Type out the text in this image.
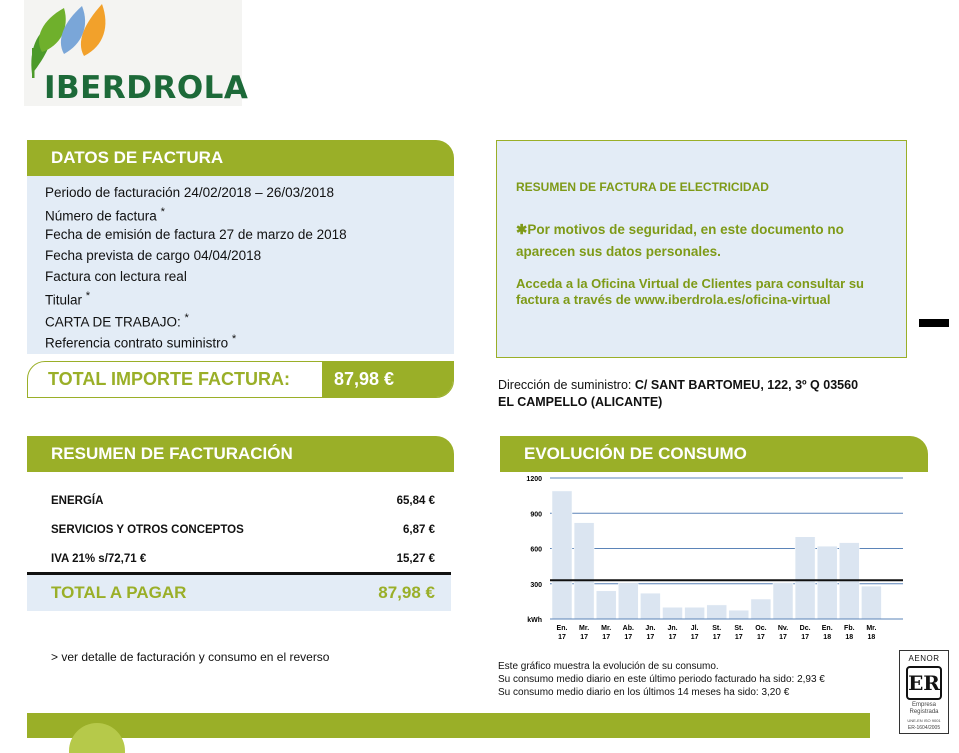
IBERDROLA
DATOS DE FACTURA
Periodo de facturación 24/02/2018 – 26/03/2018
Número de factura *
Fecha de emisión de factura 27 de marzo de 2018
Fecha prevista de cargo 04/04/2018
Factura con lectura real
Titular *
CARTA DE TRABAJO: *
Referencia contrato suministro *
TOTAL IMPORTE FACTURA:	87,98 €
RESUMEN DE FACTURA DE ELECTRICIDAD
✱Por motivos de seguridad, en este documento no aparecen sus datos personales.
Acceda a la Oficina Virtual de Clientes para consultar su factura a través de www.iberdrola.es/oficina-virtual
Dirección de suministro: C/ SANT BARTOMEU, 122, 3º Q 03560
EL CAMPELLO (ALICANTE)
RESUMEN DE FACTURACIÓN
ENERGÍA	65,84 €
SERVICIOS Y OTROS CONCEPTOS	6,87 €
IVA 21% s/72,71 €	15,27 €
TOTAL A PAGAR	87,98 €
> ver detalle de facturación y consumo en el reverso
EVOLUCIÓN DE CONSUMO
1200
900
600
300
kWh
En.
17
Mr.
17
Mr.
17
Ab.
17
Jn.
17
Jn.
17
Jl.
17
St.
17
St.
17
Oc.
17
Nv.
17
Dc.
17
En.
18
Fb.
18
Mr.
18
Este gráfico muestra la evolución de su consumo.
Su consumo medio diario en este último periodo facturado ha sido: 2,93 €
Su consumo medio diario en los últimos 14 meses ha sido: 3,20 €
AENOR
ER
Empresa
Registrada
UNE-EN ISO 9001
ER-1604/2005
